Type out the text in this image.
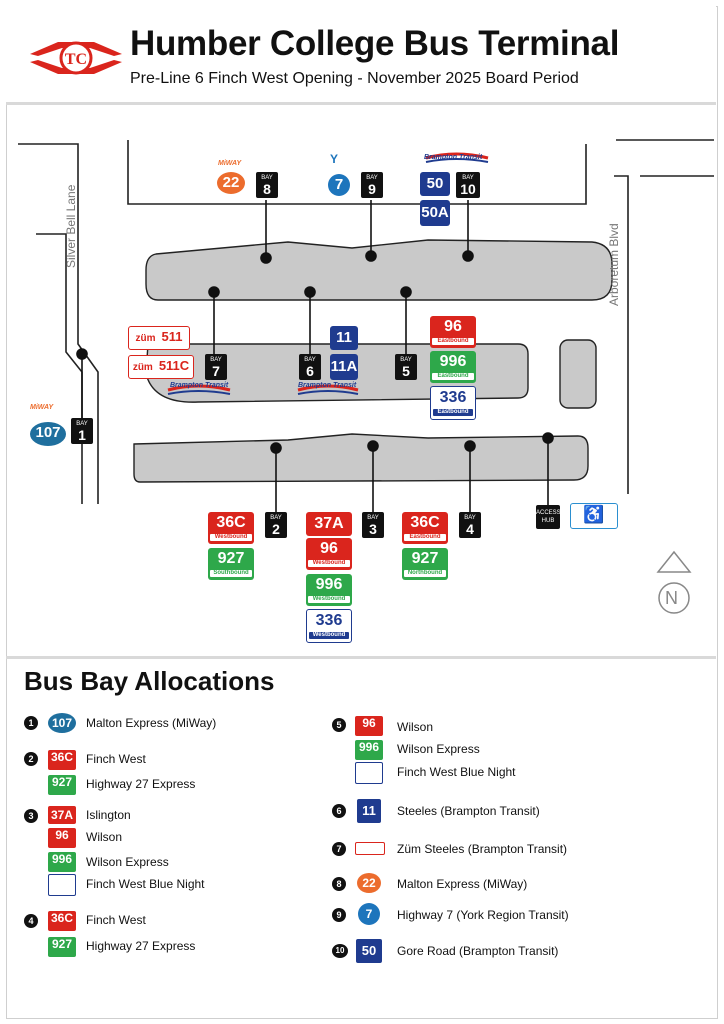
TC Humber College Bus Terminal
Pre-Line 6 Finch West Opening - November 2025 Board Period
Silver Bell Lane	Arboretum Blvd
MiWAY
MiWAY
Brampton Transit
Brampton Transit	Brampton Transit
Y
22	BAY
8	7	BAY
9	50	BAY
10
50A
züm 511
züm 511C	BAY
7
BAY
6
11
11A	BAY
5
96
Eastbound
996
Eastbound
336
Eastbound
107	BAY
1
36C
Westbound
BAY
2
927
Southbound
37A	BAY
3
96
Westbound
996
Westbound
336
Westbound
36C
Eastbound
BAY
4
927
Northbound
ACCESS HUB	♿
N
Bus Bay Allocations
1	107	Malton Express (MiWay)
2	36C Finch West
927	Highway 27 Express
3	37A Islington
96	Wilson
996	Wilson Express
336	Finch West Blue Night
4	36C Finch West
927	Highway 27 Express
5	96	Wilson
996	Wilson Express
336	Finch West Blue Night
6	11	Steeles (Brampton Transit)
7	511	Züm Steeles (Brampton Transit)
8	22	Malton Express (MiWay)
9	7	Highway 7 (York Region Transit)
10	50	Gore Road (Brampton Transit)
